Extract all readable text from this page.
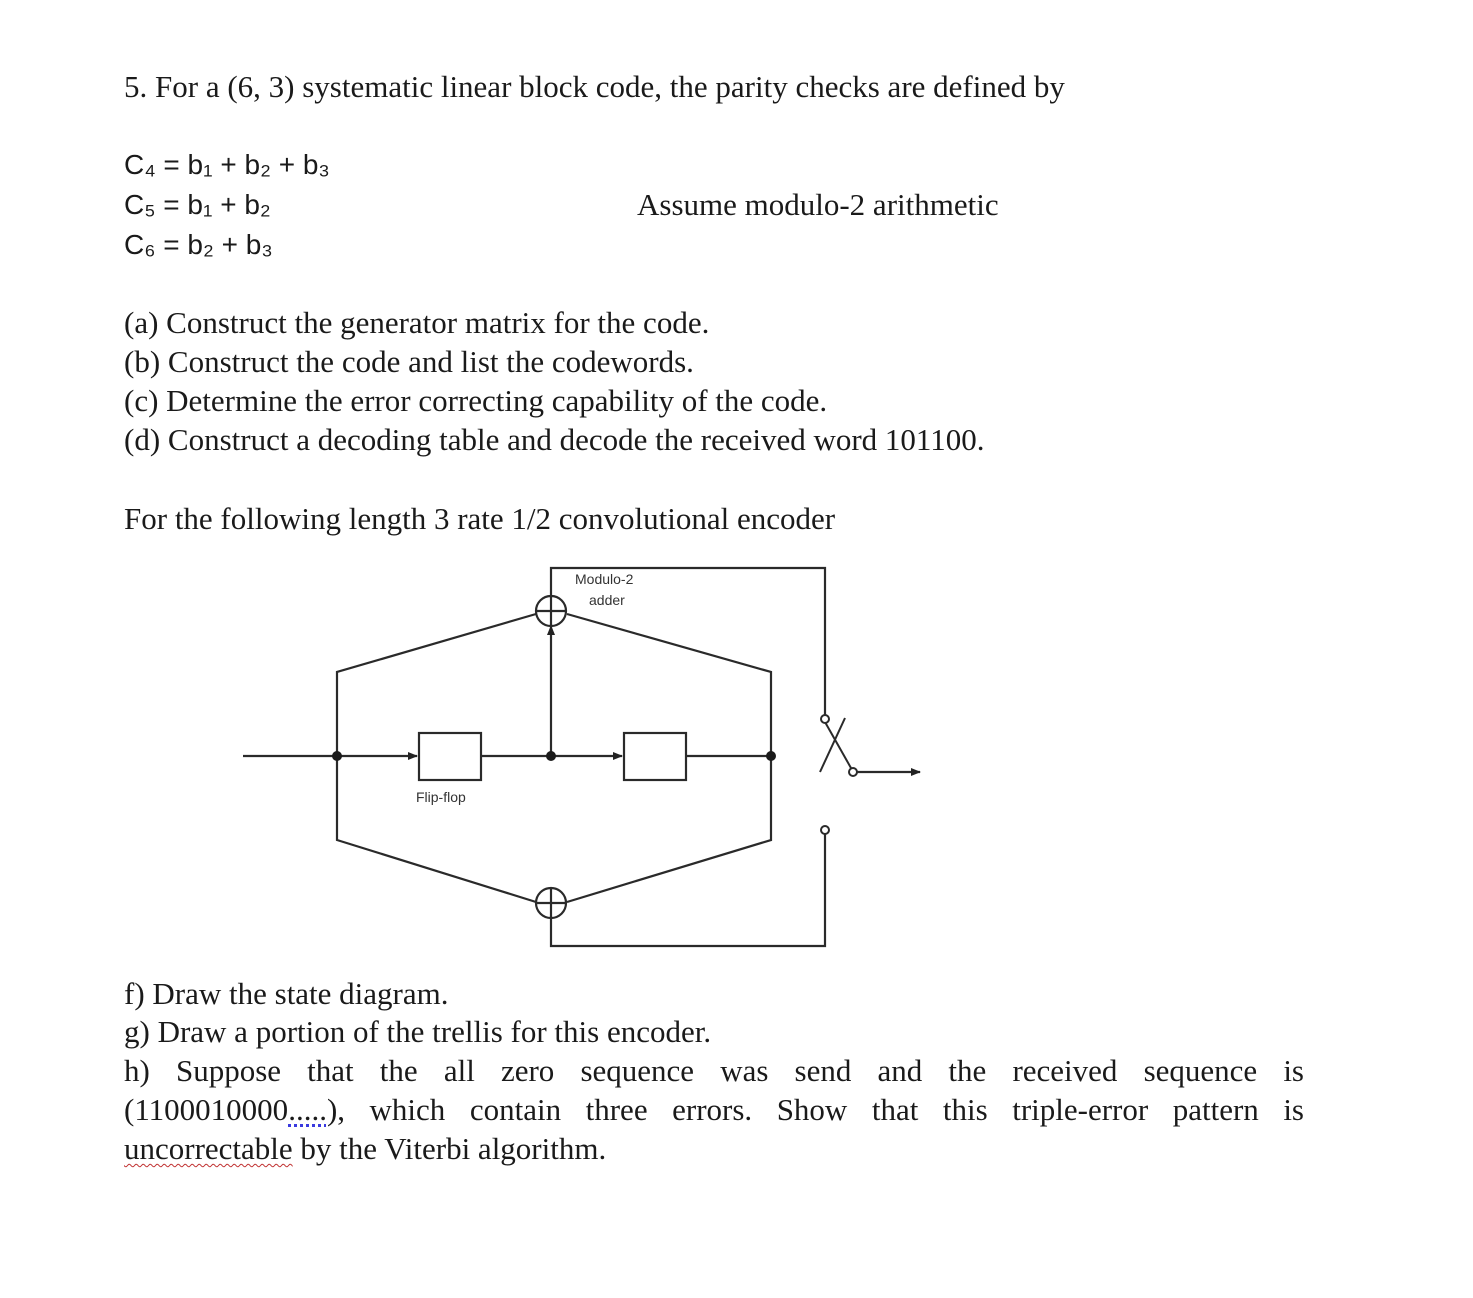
5. For a (6, 3) systematic linear block code, the parity checks are defined by
C₄ = b₁ + b₂ + b₃
C₅ = b₁ + b₂
C₆ = b₂ + b₃
Assume modulo-2 arithmetic
(a) Construct the generator matrix for the code.
(b) Construct the code and list the codewords.
(c) Determine the error correcting capability of the code.
(d) Construct a decoding table and decode the received word 101100.
For the following length 3 rate 1/2 convolutional encoder
Modulo-2
adder
Flip-flop
f) Draw the state diagram.
g) Draw a portion of the trellis for this encoder.
h) Suppose that the all zero sequence was send and the received sequence is
(1100010000.....), which contain three errors. Show that this triple-error pattern is
uncorrectable by the Viterbi algorithm.
